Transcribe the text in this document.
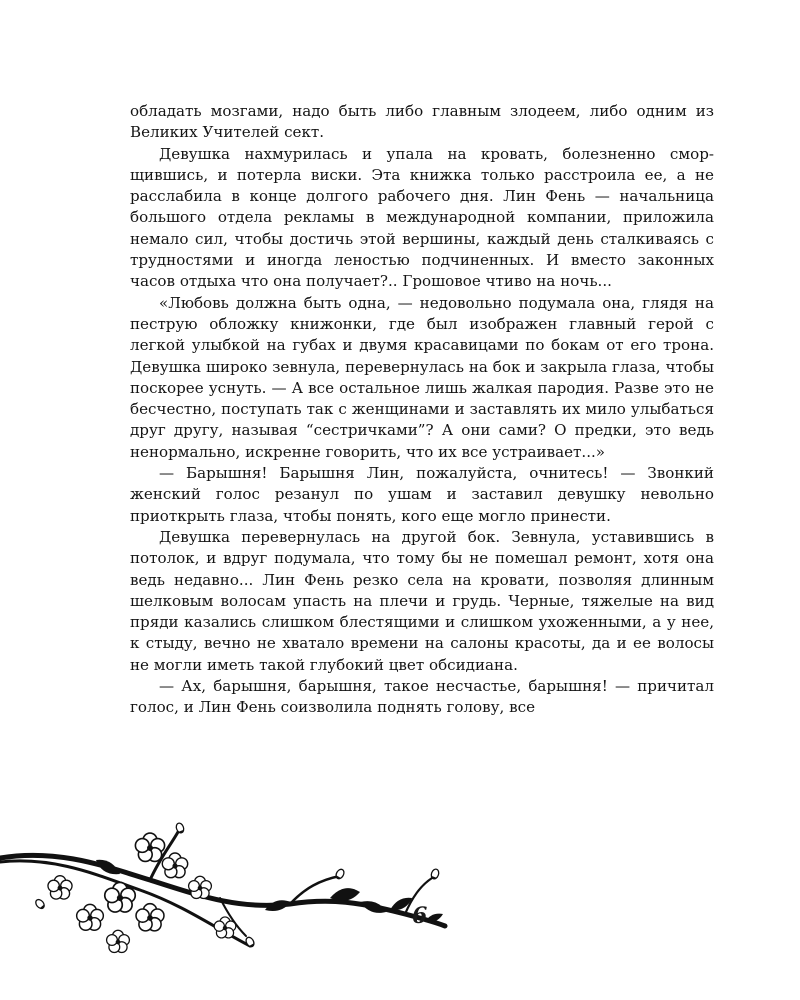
обладать мозгами, надо быть либо главным злодеем, либо одним из Великих Учителей сект.

Девушка нахмурилась и упала на кровать, болезненно сморщившись, и потерла виски. Эта книжка только расстроила ее, а не расслабила в конце долгого рабочего дня. Лин Фень — начальница большого отдела рекламы в международной компании, приложила немало сил, чтобы достичь этой вершины, каждый день сталкиваясь с трудностями и иногда леностью подчиненных. И вместо законных часов отдыха что она получает?.. Грошовое чтиво на ночь...

«Любовь должна быть одна, — недовольно подумала она, глядя на пеструю обложку книжонки, где был изображен главный герой с легкой улыбкой на губах и двумя красавицами по бокам от его трона. Девушка широко зевнула, перевернулась на бок и закрыла глаза, чтобы поскорее уснуть. — А все остальное лишь жалкая пародия. Разве это не бесчестно, поступать так с женщинами и заставлять их мило улыбаться друг другу, называя “сестричками”? А они сами? О предки, это ведь ненормально, искренне говорить, что их все устраивает...»

— Барышня! Барышня Лин, пожалуйста, очнитесь! — Звонкий женский голос резанул по ушам и заставил девушку невольно приоткрыть глаза, чтобы понять, кого еще могло принести.

Девушка перевернулась на другой бок. Зевнула, уставившись в потолок, и вдруг подумала, что тому бы не помешал ремонт, хотя она ведь недавно... Лин Фень резко села на кровати, позволяя длинным шелковым волосам упасть на плечи и грудь. Черные, тяжелые на вид пряди казались слишком блестящими и слишком ухоженными, а у нее, к стыду, вечно не хватало времени на салоны красоты, да и ее волосы не могли иметь такой глубокий цвет обсидиана.

— Ах, барышня, барышня, такое несчастье, барышня! — причитал голос, и Лин Фень соизволила поднять голову, все

6
